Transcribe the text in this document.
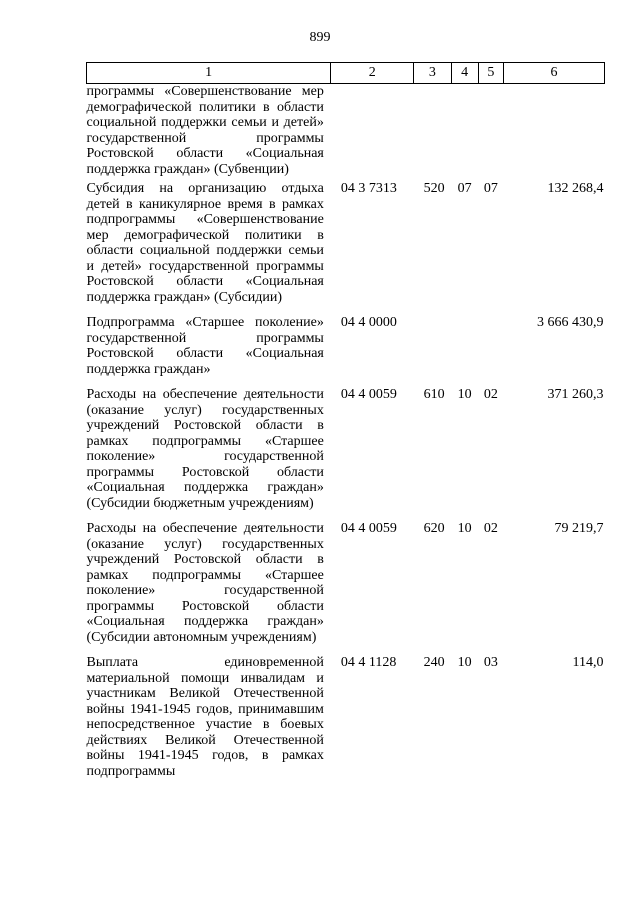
899
1	2	3	4	5	6
программы «Совершенствование мер демографической политики в области социальной поддержки семьи и детей» государственной программы Ростовской области «Социальная поддержка граждан» (Субвенции)					
Субсидия на организацию отдыха детей в каникулярное время в рамках подпрограммы «Совершенствование мер демографической политики в области социальной поддержки семьи и детей» государственной программы Ростовской области «Социальная поддержка граждан» (Субсидии)	04 3 7313	520	07	07	132 268,4
Подпрограмма «Старшее поколение» государственной программы Ростовской области «Социальная поддержка граждан»	04 4 0000				3 666 430,9
Расходы на обеспечение деятельности (оказание услуг) государственных учреждений Ростовской области в рамках подпрограммы «Старшее поколение» государственной программы Ростовской области «Социальная поддержка граждан» (Субсидии бюджетным учреждениям)	04 4 0059	610	10	02	371 260,3
Расходы на обеспечение деятельности (оказание услуг) государственных учреждений Ростовской области в рамках подпрограммы «Старшее поколение» государственной программы Ростовской области «Социальная поддержка граждан» (Субсидии автономным учреждениям)	04 4 0059	620	10	02	79 219,7
Выплата единовременной материальной помощи инвалидам и участникам Великой Отечественной войны 1941-1945 годов, принимавшим непосредственное участие в боевых действиях Великой Отечественной войны 1941-1945 годов, в рамках подпрограммы	04 4 1128	240	10	03	114,0
